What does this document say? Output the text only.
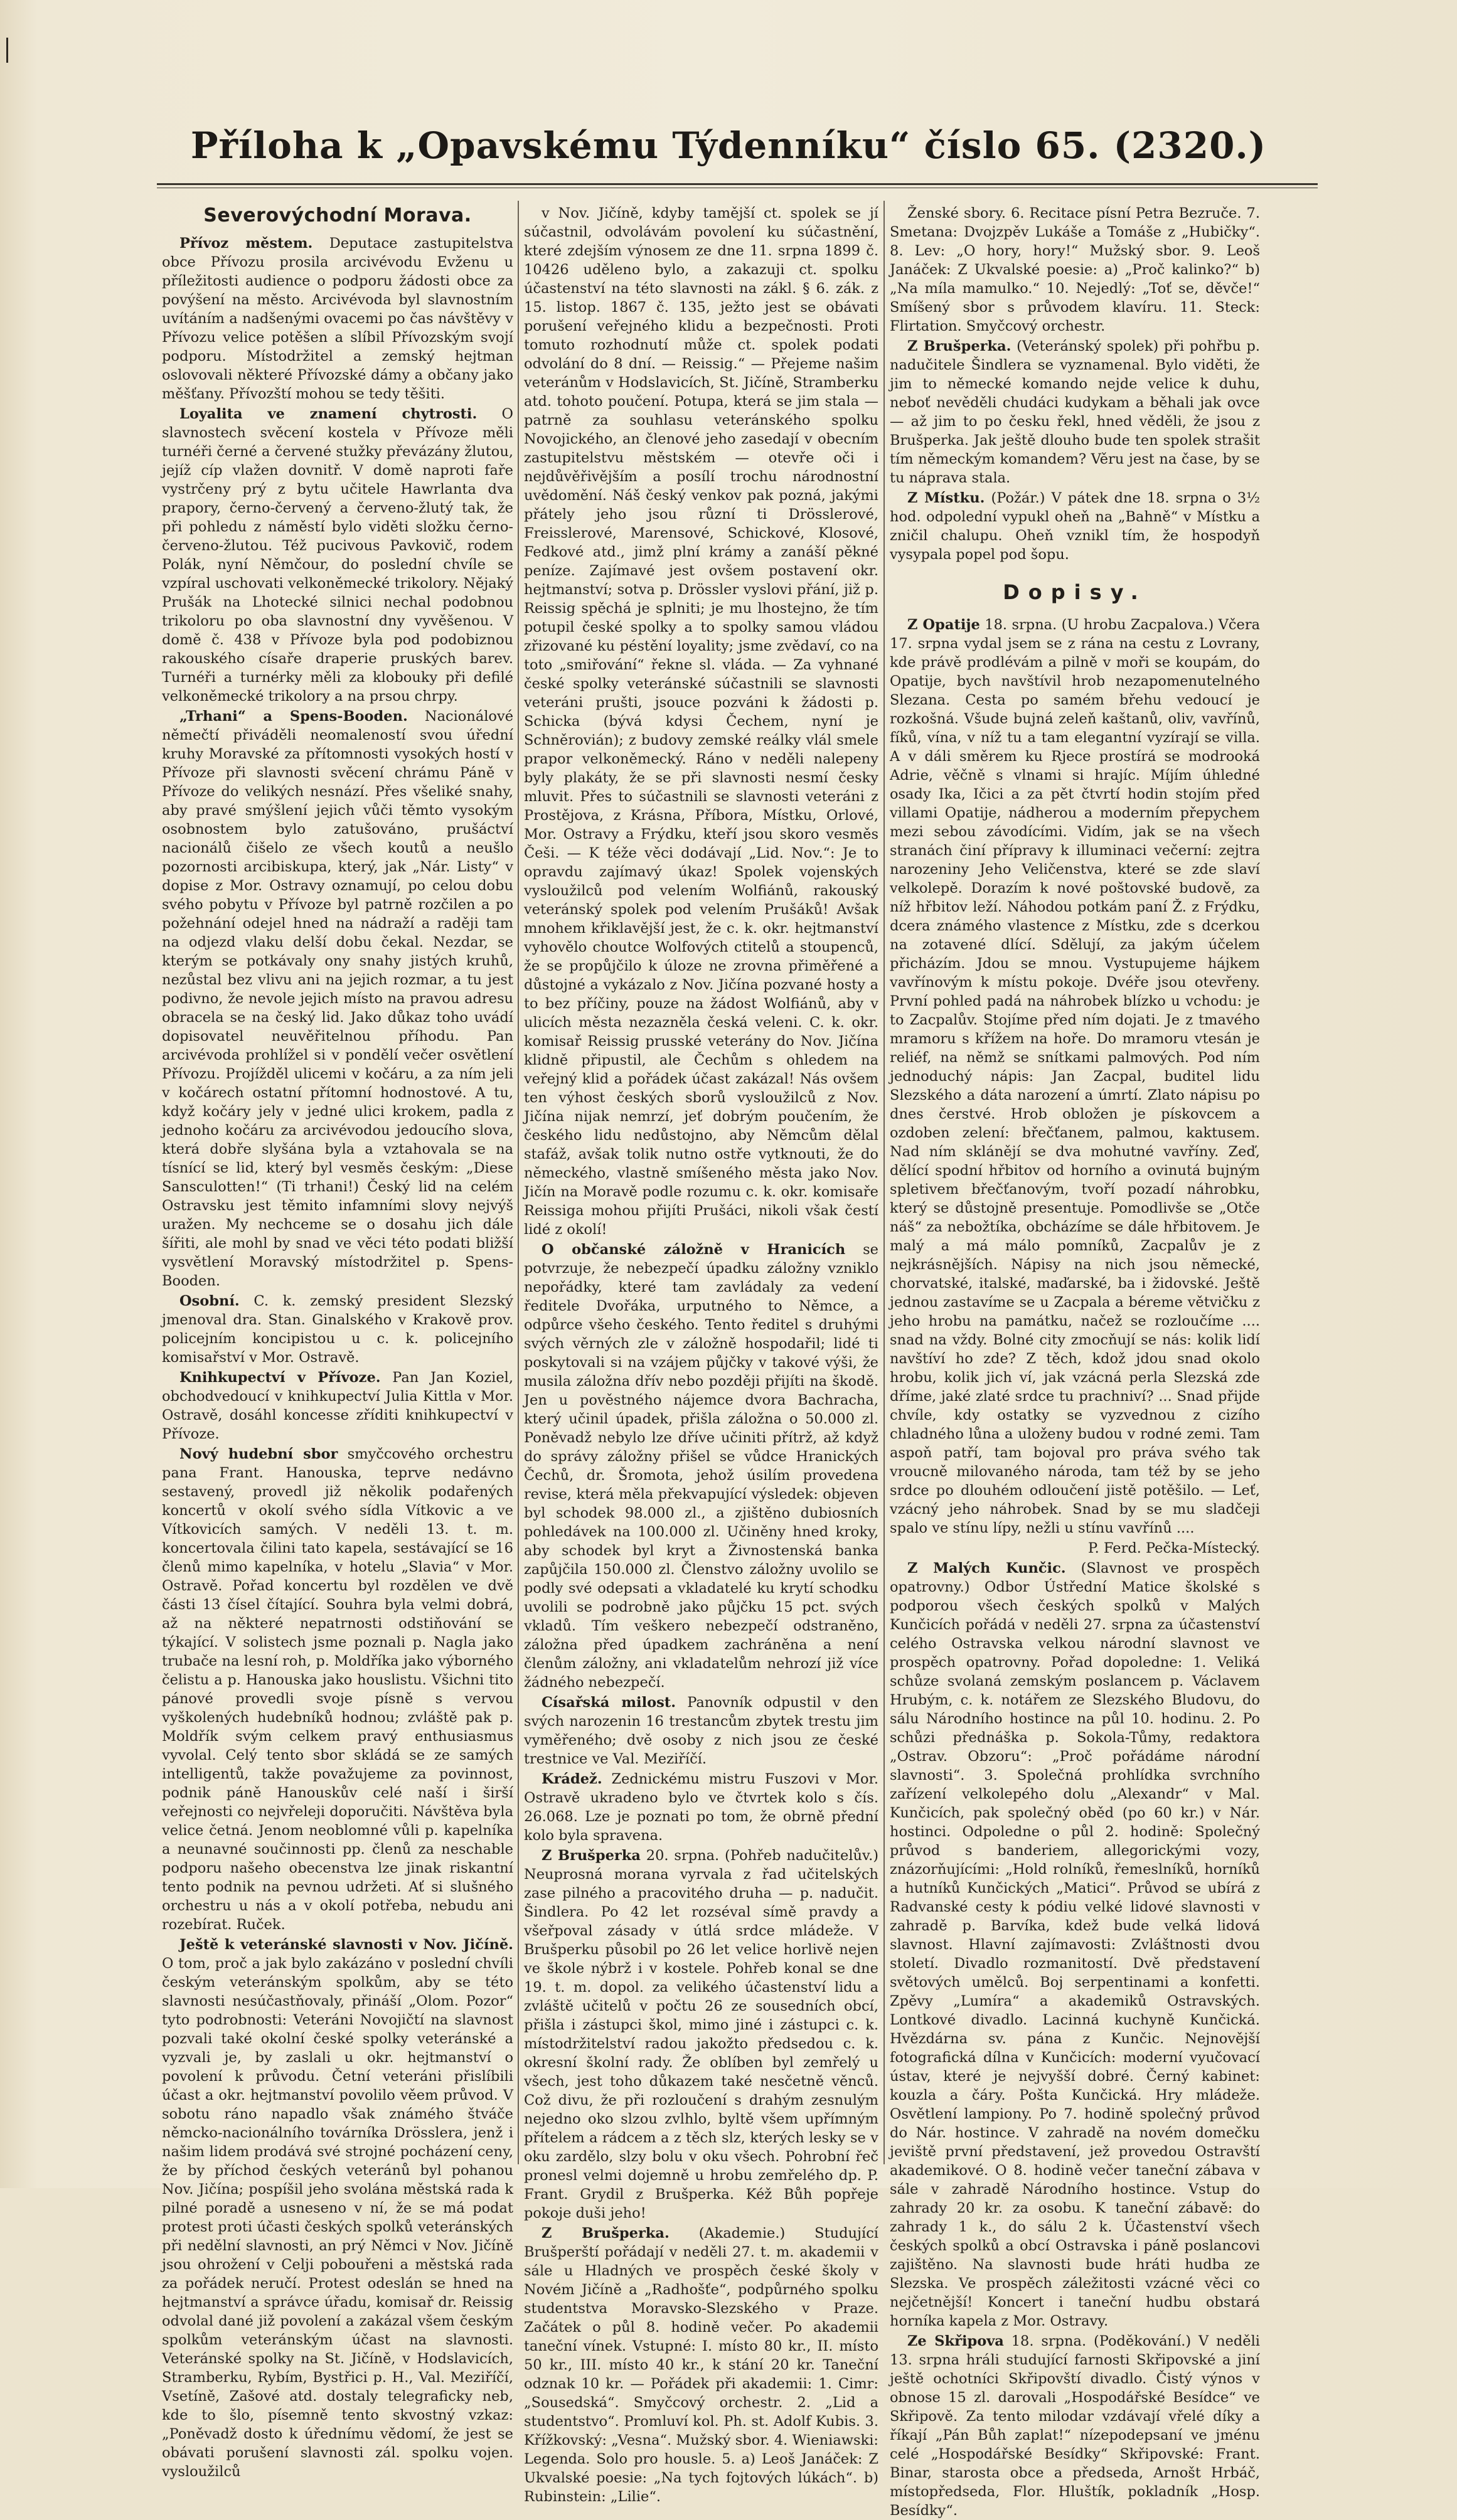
Příloha k „Opavskému Týdenníku“ číslo 65. (2320.)
Severovýchodní Morava.

Přívoz městem. Deputace zastupitelstva obce Přívozu prosila arcivévodu Evženu u příležitosti audience o podporu žádosti obce za povýšení na město. Arcivévoda byl slavnostním uvítáním a nadšenými ovacemi po čas návštěvy v Přívozu velice potěšen a slíbil Přívozským svojí podporu. Místodržitel a zemský hejtman oslovovali některé Přívozské dámy a občany jako měšťany. Přívozští mohou se tedy těšiti.

Loyalita ve znamení chytrosti. O slavnostech svěcení kostela v Přívoze měli turnéři černé a červené stužky převázány žlutou, jejíž cíp vlažen dovnitř. V domě naproti faře vystrčeny prý z bytu učitele Hawrlanta dva prapory, černo-červený a červeno-žlutý tak, že při pohledu z náměstí bylo viděti složku černo-červeno-žlutou. Též pucivous Pavkovič, rodem Polák, nyní Němčour, do poslední chvíle se vzpíral uschovati velkoněmecké trikolory. Nějaký Prušák na Lhotecké silnici nechal podobnou trikoloru po oba slavnostní dny vyvěšenou. V domě č. 438 v Přívoze byla pod podobiznou rakouského císaře draperie pruských barev. Turnéři a turnérky měli za klobouky při defilé velkoněmecké trikolory a na prsou chrpy.

„Trhani“ a Spens-Booden. Nacionálové němečtí přiváděli neomaleností svou úřední kruhy Moravské za přítomnosti vysokých hostí v Přívoze při slavnosti svěcení chrámu Páně v Přívoze do velikých nesnází. Přes všeliké snahy, aby pravé smýšlení jejich vůči těmto vysokým osobnostem bylo zatušováno, prušáctví nacionálů čišelo ze všech koutů a neušlo pozornosti arcibiskupa, který, jak „Nár. Listy“ v dopise z Mor. Ostravy oznamují, po celou dobu svého pobytu v Přívoze byl patrně rozčilen a po požehnání odejel hned na nádraží a raději tam na odjezd vlaku delší dobu čekal. Nezdar, se kterým se potkávaly ony snahy jistých kruhů, nezůstal bez vlivu ani na jejich rozmar, a tu jest podivno, že nevole jejich místo na pravou adresu obracela se na český lid. Jako důkaz toho uvádí dopisovatel neuvěřitelnou příhodu. Pan arcivévoda prohlížel si v pondělí večer osvětlení Přívozu. Projížděl ulicemi v kočáru, a za ním jeli v kočárech ostatní přítomní hodnostové. A tu, když kočáry jely v jedné ulici krokem, padla z jednoho kočáru za arcivévodou jedoucího slova, která dobře slyšána byla a vztahovala se na tísnící se lid, který byl vesměs českým: „Diese Sansculotten!“ (Ti trhani!) Český lid na celém Ostravsku jest těmito infamními slovy nejvýš uražen. My nechceme se o dosahu jich dále šířiti, ale mohl by snad ve věci této podati bližší vysvětlení Moravský místodržitel p. Spens-Booden.

Osobní. C. k. zemský president Slezský jmenoval dra. Stan. Ginalského v Krakově prov. policejním koncipistou u c. k. policejního komisařství v Mor. Ostravě.

Knihkupectví v Přívoze. Pan Jan Koziel, obchodvedoucí v knihkupectví Julia Kittla v Mor. Ostravě, dosáhl koncesse zříditi knihkupectví v Přívoze.

Nový hudební sbor smyčcového orchestru pana Frant. Hanouska, teprve nedávno sestavený, provedl již několik podařených koncertů v okolí svého sídla Vítkovic a ve Vítkovicích samých. V neděli 13. t. m. koncertovala čilini tato kapela, sestávající se 16 členů mimo kapelníka, v hotelu „Slavia“ v Mor. Ostravě. Pořad koncertu byl rozdělen ve dvě části 13 čísel čítající. Souhra byla velmi dobrá, až na některé nepatrnosti odstiňování se týkající. V solistech jsme poznali p. Nagla jako trubače na lesní roh, p. Moldříka jako výborného čelistu a p. Hanouska jako houslistu. Všichni tito pánové provedli svoje písně s vervou vyškolených hudebníků hodnou; zvláště pak p. Moldřík svým celkem pravý enthusiasmus vyvolal. Celý tento sbor skládá se ze samých intelligentů, takže považujeme za povinnost, podnik páně Hanouskův celé naší i širší veřejnosti co nejvřeleji doporučiti. Návštěva byla velice četná. Jenom neoblomné vůli p. kapelníka a neunavné součinnosti pp. členů za neschable podporu našeho obecenstva lze jinak riskantní tento podnik na pevnou udržeti. Ať si slušného orchestru u nás a v okolí potřeba, nebudu ani rozebírat. Ruček.

Ještě k veteránské slavnosti v Nov. Jičíně. O tom, proč a jak bylo zakázáno v poslední chvíli českým veteránským spolkům, aby se této slavnosti nesúčastňovaly, přináší „Olom. Pozor“ tyto podrobnosti: Veteráni Novojičtí na slavnost pozvali také okolní české spolky veteránské a vyzvali je, by zaslali u okr. hejtmanství o povolení k průvodu. Četní veteráni přislíbili účast a okr. hejtmanství povolilo věem průvod. V sobotu ráno napadlo však známého štváče němcko-nacionálního továrníka Drösslera, jenž i našim lidem prodává své strojné pocházení ceny, že by příchod českých veteránů byl pohanou Nov. Jičína; pospíšil jeho svolána městská rada k pilné poradě a usneseno v ní, že se má podat protest proti účasti českých spolků veteránských při nedělní slavnosti, an prý Němci v Nov. Jičíně jsou ohrožení v Celji pobouřeni a městská rada za pořádek neručí. Protest odeslán se hned na hejtmanství a správce úřadu, komisař dr. Reissig odvolal dané již povolení a zakázal všem českým spolkům veteránským účast na slavnosti. Veteránské spolky na St. Jičíně, v Hodslavicích, Stramberku, Rybím, Bystřici p. H., Val. Meziříčí, Vsetíně, Zašové atd. dostaly telegraficky neb, kde to šlo, písemně tento skvostný vzkaz: „Poněvadž dosto k úřednímu vědomí, že jest se obávati porušení slavnosti zál. spolku vojen. vysloužilců

v Nov. Jičíně, kdyby tamější ct. spolek se jí súčastnil, odvolávám povolení ku súčastnění, které zdejším výnosem ze dne 11. srpna 1899 č. 10426 uděleno bylo, a zakazuji ct. spolku účastenství na této slavnosti na zákl. § 6. zák. z 15. listop. 1867 č. 135, ježto jest se obávati porušení veřejného klidu a bezpečnosti. Proti tomuto rozhodnutí může ct. spolek podati odvolání do 8 dní. — Reissig.“ — Přejeme našim veteránům v Hodslavicích, St. Jičíně, Stramberku atd. tohoto poučení. Potupa, která se jim stala — patrně za souhlasu veteránského spolku Novojického, an členové jeho zasedají v obecním zastupitelstvu městském — otevře oči i nejdůvěřivějším a posílí trochu národnostní uvědomění. Náš český venkov pak pozná, jakými přátely jeho jsou různí ti Drösslerové, Freisslerové, Marensové, Schickové, Klosové, Fedkové atd., jimž plní krámy a zanáší pěkné peníze. Zajímavé jest ovšem postavení okr. hejtmanství; sotva p. Drössler vyslovi přání, již p. Reissig spěchá je splniti; je mu lhostejno, že tím potupil české spolky a to spolky samou vládou zřizované ku péstění loyality; jsme zvědaví, co na toto „smiřování“ řekne sl. vláda. — Za vyhnané české spolky veteránské súčastnili se slavnosti veteráni prušti, jsouce pozváni k žádosti p. Schicka (bývá kdysi Čechem, nyní je Schněrovián); z budovy zemské reálky vlál smele prapor velkoněmecký. Ráno v neděli nalepeny byly plakáty, že se při slavnosti nesmí česky mluvit. Přes to súčastnili se slavnosti veteráni z Prostějova, z Krásna, Příbora, Místku, Orlové, Mor. Ostravy a Frýdku, kteří jsou skoro vesměs Češi. — K téže věci dodávají „Lid. Nov.“: Je to opravdu zajímavý úkaz! Spolek vojenských vysloužilců pod velením Wolfiánů, rakouský veteránský spolek pod velením Prušáků! Avšak mnohem křiklavější jest, že c. k. okr. hejtmanství vyhovělo choutce Wolfových ctitelů a stoupenců, že se propůjčilo k úloze ne zrovna přiměřené a důstojné a vykázalo z Nov. Jičína pozvané hosty a to bez příčiny, pouze na žádost Wolfiánů, aby v ulicích města nezazněla česká veleni. C. k. okr. komisař Reissig prusské veterány do Nov. Jičína klidně připustil, ale Čechům s ohledem na veřejný klid a pořádek účast zakázal! Nás ovšem ten výhost českých sborů vysloužilců z Nov. Jičína nijak nemrzí, jeť dobrým poučením, že českého lidu nedůstojno, aby Němcům dělal stafáž, avšak tolik nutno ostře vytknouti, že do německého, vlastně smíšeného města jako Nov. Jičín na Moravě podle rozumu c. k. okr. komisaře Reissiga mohou přijíti Prušáci, nikoli však čestí lidé z okolí!

O občanské záložně v Hranicích se potvrzuje, že nebezpečí úpadku záložny vzniklo nepořádky, které tam zavládaly za vedení ředitele Dvořáka, urputného to Němce, a odpůrce všeho českého. Tento ředitel s druhými svých věrných zle v záložně hospodařil; lidé ti poskytovali si na vzájem půjčky v takové výši, že musila záložna dřív nebo později přijíti na škodě. Jen u pověstného nájemce dvora Bachracha, který učinil úpadek, přišla záložna o 50.000 zl. Poněvadž nebylo lze dříve učiniti přítrž, až když do správy záložny přišel se vůdce Hranických Čechů, dr. Šromota, jehož úsilím provedena revise, která měla překvapující výsledek: objeven byl schodek 98.000 zl., a zjištěno dubiosních pohledávek na 100.000 zl. Učiněny hned kroky, aby schodek byl kryt a Živnostenská banka zapůjčila 150.000 zl. Členstvo záložny uvolilo se podly své odepsati a vkladatelé ku krytí schodku uvolili se podrobně jako půjčku 15 pct. svých vkladů. Tím veškero nebezpečí odstraněno, záložna před úpadkem zachráněna a není členům záložny, ani vkladatelům nehrozí již více žádného nebezpečí.

Císařská milost. Panovník odpustil v den svých narozenin 16 trestancům zbytek trestu jim vyměřeného; dvě osoby z nich jsou ze české trestnice ve Val. Meziříčí.

Krádež. Zednickému mistru Fuszovi v Mor. Ostravě ukradeno bylo ve čtvrtek kolo s čís. 26.068. Lze je poznati po tom, že obrně přední kolo byla spravena.

Z Brušperka 20. srpna. (Pohřeb nadučitelův.) Neuprosná morana vyrvala z řad učitelských zase pilného a pracovitého druha — p. nadučit. Šindlera. Po 42 let rozséval símě pravdy a všeřpoval zásady v útlá srdce mládeže. V Brušperku působil po 26 let velice horlivě nejen ve škole nýbrž i v kostele. Pohřeb konal se dne 19. t. m. dopol. za velikého účastenství lidu a zvláště učitelů v počtu 26 ze sousedních obcí, přišla i zástupci škol, mimo jiné i zástupci c. k. místodržitelství radou jakožto předsedou c. k. okresní školní rady. Že oblíben byl zemřelý u všech, jest toho důkazem také nesčetně věnců. Což divu, že při rozloučení s drahým zesnulým nejedno oko slzou zvlhlo, byltě všem upřímným přítelem a rádcem a z těch slz, kterých lesky se v oku zardělo, slzy bolu v oku všech. Pohrobní řeč pronesl velmi dojemně u hrobu zemřelého dp. P. Frant. Grydil z Brušperka. Kéž Bůh popřeje pokoje duši jeho!

Z Brušperka. (Akademie.) Studující Brušperští pořádají v neděli 27. t. m. akademii v sále u Hladných ve prospěch české školy v Novém Jičíně a „Radhošťe“, podpůrného spolku studentstva Moravsko-Slezského v Praze. Začátek o půl 8. hodině večer. Po akademii taneční vínek. Vstupné: I. místo 80 kr., II. místo 50 kr., III. místo 40 kr., k stání 20 kr. Taneční odznak 10 kr. — Pořádek při akademii: 1. Cimr: „Sousedská“. Smyčcový orchestr. 2. „Lid a studentstvo“. Promluví kol. Ph. st. Adolf Kubis. 3. Křížkovský: „Vesna“. Mužský sbor. 4. Wieniawski: Legenda. Solo pro housle. 5. a) Leoš Janáček: Z Ukvalské poesie: „Na tych fojtových lúkách“. b) Rubinstein: „Lilie“.

Ženské sbory. 6. Recitace písní Petra Bezruče. 7. Smetana: Dvojzpěv Lukáše a Tomáše z „Hubičky“. 8. Lev: „O hory, hory!“ Mužský sbor. 9. Leoš Janáček: Z Ukvalské poesie: a) „Proč kalinko?“ b) „Na míla mamulko.“ 10. Nejedlý: „Toť se, děvče!“ Smíšený sbor s průvodem klavíru. 11. Steck: Flirtation. Smyčcový orchestr.

Z Brušperka. (Veteránský spolek) při pohřbu p. nadučitele Šindlera se vyznamenal. Bylo viděti, že jim to německé komando nejde velice k duhu, neboť nevěděli chudáci kudykam a běhali jak ovce — až jim to po česku řekl, hned věděli, že jsou z Brušperka. Jak ještě dlouho bude ten spolek strašit tím německým komandem? Věru jest na čase, by se tu náprava stala.

Z Místku. (Požár.) V pátek dne 18. srpna o 3½ hod. odpolední vypukl oheň na „Bahně“ v Místku a zničil chalupu. Oheň vznikl tím, že hospodyň vysypala popel pod šopu.

Dopisy.

Z Opatije 18. srpna. (U hrobu Zacpalova.) Včera 17. srpna vydal jsem se z rána na cestu z Lovrany, kde právě prodlévám a pilně v moři se koupám, do Opatije, bych navštívil hrob nezapomenutelného Slezana. Cesta po samém břehu vedoucí je rozkošná. Všude bujná zeleň kaštanů, oliv, vavřínů, fíků, vína, v níž tu a tam elegantní vyzírají se villa. A v dáli směrem ku Rjece prostírá se modrooká Adrie, věčně s vlnami si hrajíc. Míjím úhledné osady Ika, Ičici a za pět čtvrtí hodin stojím před villami Opatije, nádherou a moderním přepychem mezi sebou závodícími. Vidím, jak se na všech stranách činí přípravy k illuminaci večerní: zejtra narozeniny Jeho Veličenstva, které se zde slaví velkolepě. Dorazím k nové poštovské budově, za níž hřbitov leží. Náhodou potkám paní Ž. z Frýdku, dcera známého vlastence z Místku, zde s dcerkou na zotavené dlící. Sdělují, za jakým účelem přicházím. Jdou se mnou. Vystupujeme hájkem vavřínovým k místu pokoje. Dvéře jsou otevřeny. První pohled padá na náhrobek blízko u vchodu: je to Zacpalův. Stojíme před ním dojati. Je z tmavého mramoru s křížem na hoře. Do mramoru vtesán je reliéf, na němž se snítkami palmových. Pod ním jednoduchý nápis: Jan Zacpal, buditel lidu Slezského a dáta narození a úmrtí. Zlato nápisu po dnes čerstvé. Hrob obložen je pískovcem a ozdoben zelení: břečťanem, palmou, kaktusem. Nad ním sklánějí se dva mohutné vavříny. Zeď, dělící spodní hřbitov od horního a ovinutá bujným spletivem břečťanovým, tvoří pozadí náhrobku, který se důstojně presentuje. Pomodlivše se „Otče náš“ za nebožtíka, obcházíme se dále hřbitovem. Je malý a má málo pomníků, Zacpalův je z nejkrásnějších. Nápisy na nich jsou německé, chorvatské, italské, maďarské, ba i židovské. Ještě jednou zastavíme se u Zacpala a béreme větvičku z jeho hrobu na památku, načež se rozloučíme .... snad na vždy. Bolné city zmocňují se nás: kolik lidí navštíví ho zde? Z těch, kdož jdou snad okolo hrobu, kolik jich ví, jak vzácná perla Slezská zde dříme, jaké zlaté srdce tu prachniví? ... Snad přijde chvíle, kdy ostatky se vyzvednou z cizího chladného lůna a uloženy budou v rodné zemi. Tam aspoň patří, tam bojoval pro práva svého tak vroucně milovaného národa, tam též by se jeho srdce po dlouhém odloučení jistě potěšilo. — Leť, vzácný jeho náhrobek. Snad by se mu sladčeji spalo ve stínu lípy, nežli u stínu vavřínů ....

P. Ferd. Pečka-Místecký.

Z Malých Kunčic. (Slavnost ve prospěch opatrovny.) Odbor Ústřední Matice školské s podporou všech českých spolků v Malých Kunčicích pořádá v neděli 27. srpna za účastenství celého Ostravska velkou národní slavnost ve prospěch opatrovny. Pořad dopoledne: 1. Veliká schůze svolaná zemským poslancem p. Václavem Hrubým, c. k. notářem ze Slezského Bludovu, do sálu Národního hostince na půl 10. hodinu. 2. Po schůzi přednáška p. Sokola-Tůmy, redaktora „Ostrav. Obzoru“: „Proč pořádáme národní slavnosti“. 3. Společná prohlídka svrchního zařízení velkolepého dolu „Alexandr“ v Mal. Kunčicích, pak společný oběd (po 60 kr.) v Nár. hostinci. Odpoledne o půl 2. hodině: Společný průvod s banderiem, allegorickými vozy, znázorňujícími: „Hold rolníků, řemeslníků, horníků a hutníků Kunčických „Matici“. Průvod se ubírá z Radvanské cesty k pódiu velké lidové slavnosti v zahradě p. Barvíka, kdež bude velká lidová slavnost. Hlavní zajímavosti: Zvláštnosti dvou století. Divadlo rozmanitostí. Dvě představení světových umělců. Boj serpentinami a konfetti. Zpěvy „Lumíra“ a akademiků Ostravských. Lontkové divadlo. Lacinná kuchyně Kunčická. Hvězdárna sv. pána z Kunčic. Nejnovější fotografická dílna v Kunčicích: moderní vyučovací ústav, které je nejvyšší dobré. Černý kabinet: kouzla a čáry. Pošta Kunčická. Hry mládeže. Osvětlení lampiony. Po 7. hodině společný průvod do Nár. hostince. V zahradě na novém domečku jeviště první představení, jež provedou Ostravští akademikové. O 8. hodině večer taneční zábava v sále v zahradě Národního hostince. Vstup do zahrady 20 kr. za osobu. K taneční zábavě: do zahrady 1 k., do sálu 2 k. Účastenství všech českých spolků a obcí Ostravska i páně poslancovi zajištěno. Na slavnosti bude hráti hudba ze Slezska. Ve prospěch záležitosti vzácné věci co nejčetnější! Koncert i taneční hudbu obstará horníka kapela z Mor. Ostravy.

Ze Skřipova 18. srpna. (Poděkování.) V neděli 13. srpna hráli studující farnosti Skřipovské a jiní ještě ochotníci Skřipovští divadlo. Čistý výnos v obnose 15 zl. darovali „Hospodářské Besídce“ ve Skřipově. Za tento milodar vzdávají vřelé díky a říkají „Pán Bůh zaplat!“ nízepodepsaní ve jménu celé „Hospodářské Besídky“ Skřipovské: Frant. Binar, starosta obce a předseda, Arnošt Hrbáč, místopředseda, Flor. Hluštík, pokladník „Hosp. Besídky“.
